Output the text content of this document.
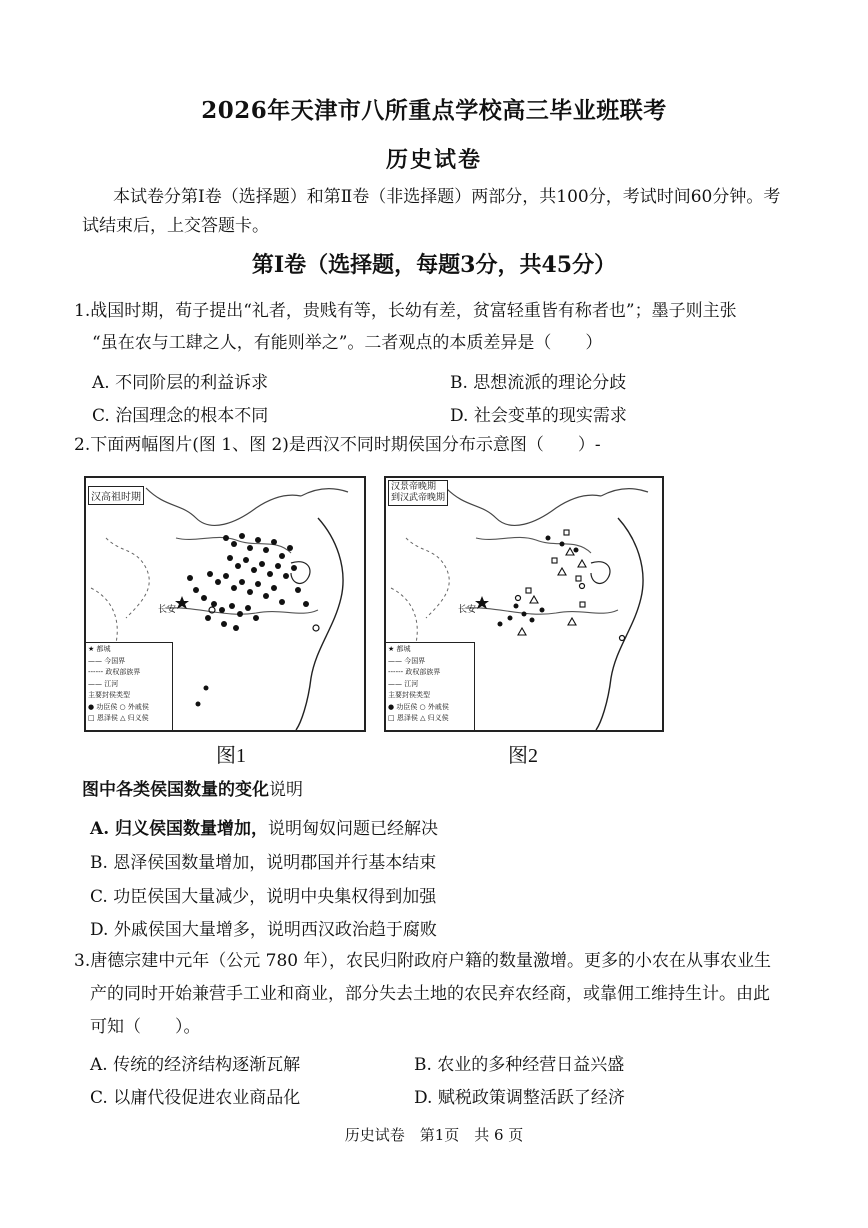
2026年天津市八所重点学校高三毕业班联考
历史试卷
本试卷分第Ⅰ卷（选择题）和第Ⅱ卷（非选择题）两部分，共100分，考试时间60分钟。考
试结束后，上交答题卡。
第Ⅰ卷（选择题，每题3分，共45分）
1.战国时期，荀子提出“礼者，贵贱有等，长幼有差，贫富轻重皆有称者也”；墨子则主张
“虽在农与工肆之人，有能则举之”。二者观点的本质差异是（　　）
A. 不同阶层的利益诉求	B. 思想流派的理论分歧
C. 治国理念的根本不同	D. 社会变革的现实需求
2.下面两幅图片(图 1、图 2)是西汉不同时期侯国分布示意图（　　）-
长安
汉高祖时期
★ 都城
—— 今国界
------ 政权部族界
—— 江河
主要封侯类型
● 功臣侯 ○ 外戚侯
□ 恩泽侯 △ 归义侯
图1
长安
汉景帝晚期
到汉武帝晚期
★ 都城
—— 今国界
------ 政权部族界
—— 江河
主要封侯类型
● 功臣侯 ○ 外戚侯
□ 恩泽侯 △ 归义侯
图2
图中各类侯国数量的变化说明
A. 归义侯国数量增加，说明匈奴问题已经解决
B. 恩泽侯国数量增加，说明郡国并行基本结束
C. 功臣侯国大量减少，说明中央集权得到加强
D. 外戚侯国大量增多，说明西汉政治趋于腐败
3.唐德宗建中元年（公元 780 年），农民归附政府户籍的数量激增。更多的小农在从事农业生
产的同时开始兼营手工业和商业，部分失去土地的农民弃农经商，或靠佣工维持生计。由此
可知（　　）。
A. 传统的经济结构逐渐瓦解	B. 农业的多种经营日益兴盛
C. 以庸代役促进农业商品化	D. 赋税政策调整活跃了经济
历史试卷　第1页　共 6 页
